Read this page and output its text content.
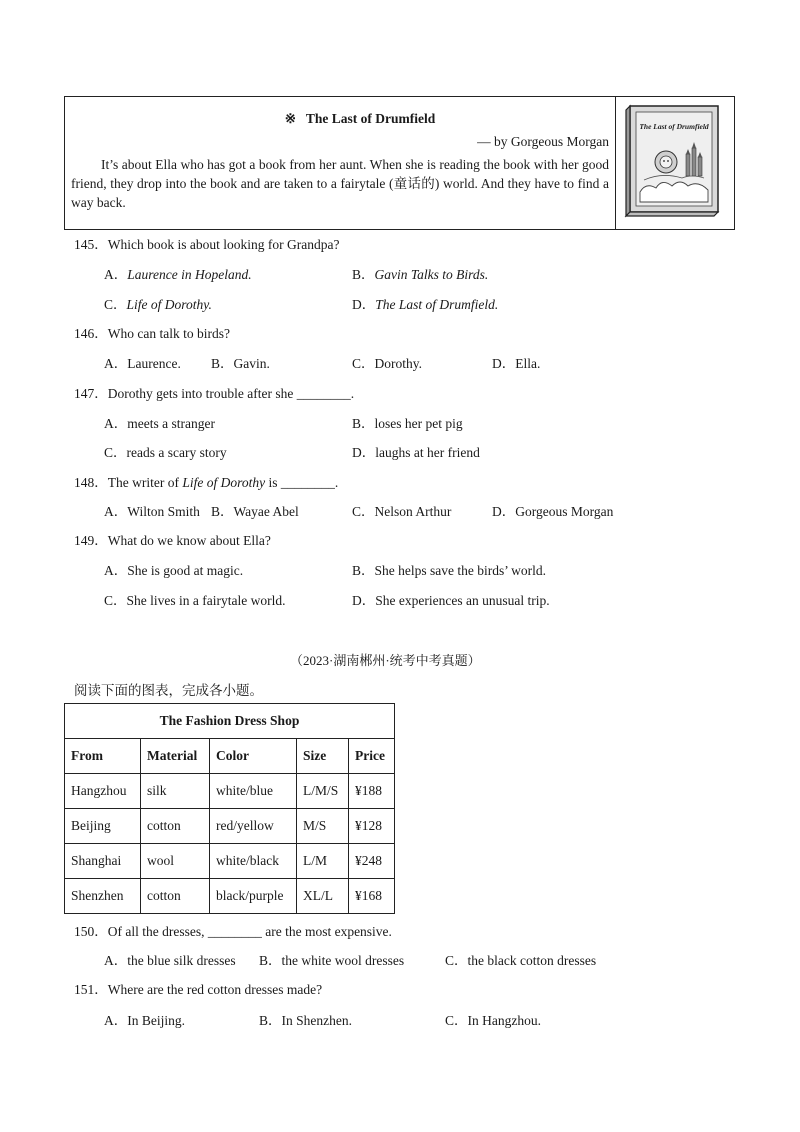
※ The Last of Drumfield
— by Gorgeous Morgan
It’s about Ella who has got a book from her aunt. When she is reading the book with her good friend, they drop into the book and are taken to a fairytale (童话的) world. And they have to find a way back.
The Last of Drumfield
145．Which book is about looking for Grandpa?
A．Laurence in Hopeland.	B．Gavin Talks to Birds.
C．Life of Dorothy.	D．The Last of Drumfield.
146．Who can talk to birds?
A．Laurence. B．Gavin.	C．Dorothy.	D．Ella.
147．Dorothy gets into trouble after she ________.
A．meets a stranger	B．loses her pet pig
C．reads a scary story	D．laughs at her friend
148．The writer of Life of Dorothy is ________.
A．Wilton Smith B．Wayae Abel	C．Nelson Arthur	D．Gorgeous Morgan
149．What do we know about Ella?
A．She is good at magic.	B．She helps save the birds’ world.
C．She lives in a fairytale world.	D．She experiences an unusual trip.
（2023·湖南郴州·统考中考真题）
阅读下面的图表，完成各小题。
The Fashion Dress Shop				
From	Material	Color	Size	Price
Hangzhou	silk	white/blue	L/M/S	¥188
Beijing	cotton	red/yellow	M/S	¥128
Shanghai	wool	white/black	L/M	¥248
Shenzhen	cotton	black/purple	XL/L	¥168
150．Of all the dresses, ________ are the most expensive.
A．the blue silk dresses B．the white wool dresses	C．the black cotton dresses
151．Where are the red cotton dresses made?
A．In Beijing.	B．In Shenzhen.	C．In Hangzhou.
